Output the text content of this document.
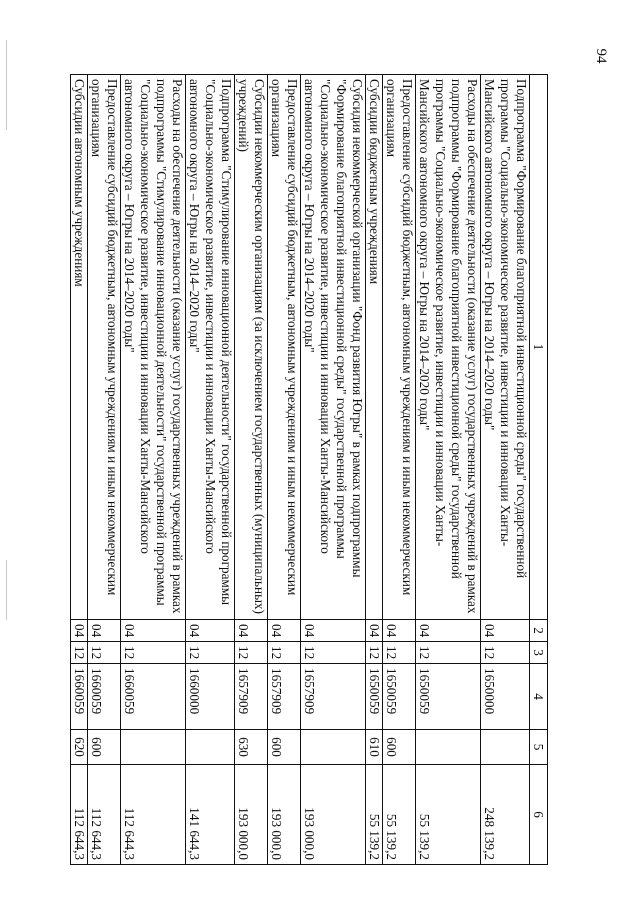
94
1	2	3	4	5	6
Подпрограмма "Формирование благоприятной инвестиционной среды" государственной программы "Социально-экономическое развитие, инвестиции и инновации Ханты-Мансийского автономного округа – Югры на 2014–2020 годы"	04	12	1650000		248 139,2
Расходы на обеспечение деятельности (оказание услуг) государственных учреждений в рамках подпрограммы "Формирование благоприятной инвестиционной среды" государственной программы "Социально-экономическое развитие, инвестиции и инновации Ханты-Мансийского автономного округа – Югры на 2014–2020 годы"	04	12	1650059		55 139,2
Предоставление субсидий бюджетным, автономным учреждениям и иным некоммерческим организациям	04	12	1650059	600	55 139,2
Субсидии бюджетным учреждениям	04	12	1650059	610	55 139,2
Субсидия некоммерческой организации "Фонд развития Югры" в рамках подпрограммы "Формирование благоприятной инвестиционной среды" государственной программы "Социально-экономическое развитие, инвестиции и инновации Ханты-Мансийского автономного округа – Югры на 2014–2020 годы"	04	12	1657909		193 000,0
Предоставление субсидий бюджетным, автономным учреждениям и иным некоммерческим организациям	04	12	1657909	600	193 000,0
Субсидии некоммерческим организациям (за исключением государственных (муниципальных) учреждений)	04	12	1657909	630	193 000,0
Подпрограмма "Стимулирование инновационной деятельности" государственной программы "Социально-экономическое развитие, инвестиции и инновации Ханты-Мансийского автономного округа – Югры на 2014–2020 годы"	04	12	1660000		141 644,3
Расходы на обеспечение деятельности (оказание услуг) государственных учреждений в рамках подпрограммы "Стимулирование инновационной деятельности" государственной программы "Социально-экономическое развитие, инвестиции и инновации Ханты-Мансийского автономного округа – Югры на 2014–2020 годы"	04	12	1660059		112 644,3
Предоставление субсидий бюджетным, автономным учреждениям и иным некоммерческим организациям	04	12	1660059	600	112 644,3
Субсидии автономным учреждениям	04	12	1660059	620	112 644,3
